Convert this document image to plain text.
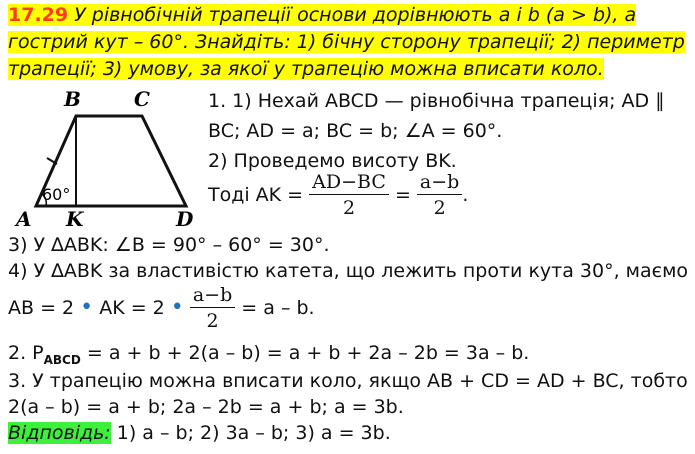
17.29 У рівнобічній трапеції основи дорівнюють a і b (a > b), а гострий кут – 60°. Знайдіть: 1) бічну сторону трапеції; 2) периметр трапеції; 3) умову, за якої у трапецію можна вписати коло.
B	C
A K	D
60°
1. 1) Нехай ABCD — рівнобічна трапеція; AD ∥
BC; AD = a; BC = b; ∠A = 60°.
2) Проведемо висоту BK.
Тоді AK = $\frac{AD-BC}{2} = \frac{a-b}{2}$ .
3) У ∆ABK: ∠B = 90° – 60° = 30°.
4) У ∆ABK за властивістю катета, що лежить проти кута 30°, маємо
AB = 2 • AK = 2 • $\frac{a-b}{2} = a - b$.
2. $P_{ABCD} = a + b + 2(a - b) = a + b + 2a - 2b = 3a - b$.
3. У трапецію можна вписати коло, якщо AB + CD = AD + BC, тобто
2(a – b) = a + b; 2a – 2b = a + b; a = 3b.
Відповідь: 1) a – b; 2) 3a – b; 3) a = 3b.
